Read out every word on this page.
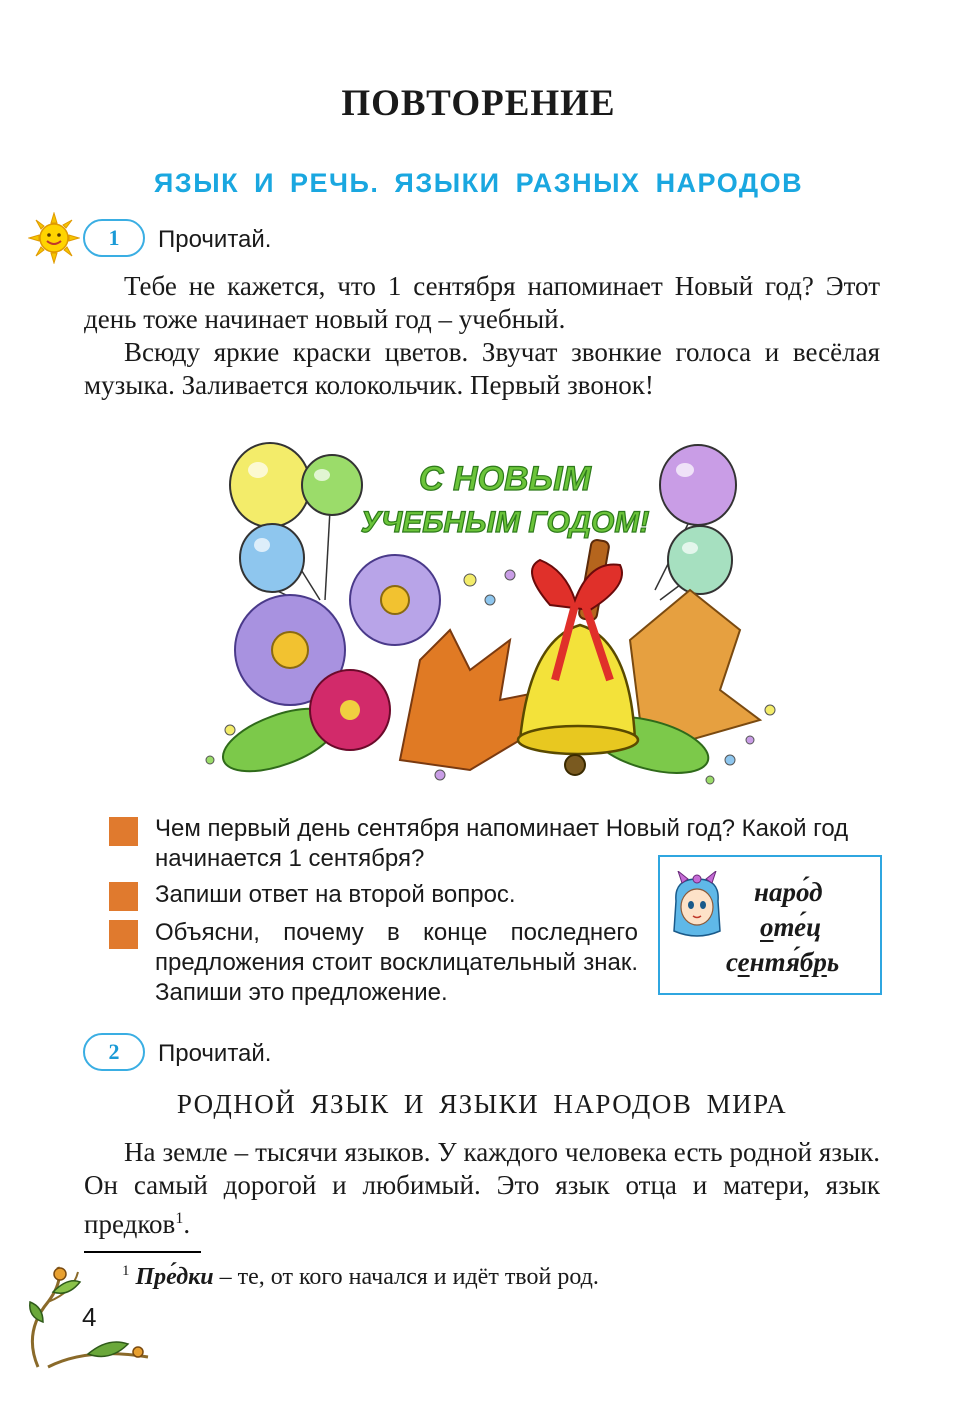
ПОВТОРЕНИЕ
ЯЗЫК И РЕЧЬ. ЯЗЫКИ РАЗНЫХ НАРОДОВ
1	Прочитай.

Тебе не кажется, что 1 сентября напоминает Новый год? Этот день тоже начинает новый год – учебный.

Всюду яркие краски цветов. Звучат звонкие голоса и весёлая музыка. Заливается колокольчик. Первый звонок!

С НОВЫМ
УЧЕБНЫМ ГОДОМ!
Чем первый день сентября напоминает Новый год? Какой год начинается 1 сентября?
Запиши ответ на второй вопрос.
Объясни, почему в конце последнего предложения стоит восклицательный знак. Запиши это предложение.
народ
отец
сентябрь
2	Прочитай.
РОДНОЙ ЯЗЫК И ЯЗЫКИ НАРОДОВ МИРА

На земле – тысячи языков. У каждого человека есть родной язык. Он самый дорогой и любимый. Это язык отца и матери, язык предков$^1$.

$^1$ Пре́дки – те, от кого начался и идёт твой род.
4
